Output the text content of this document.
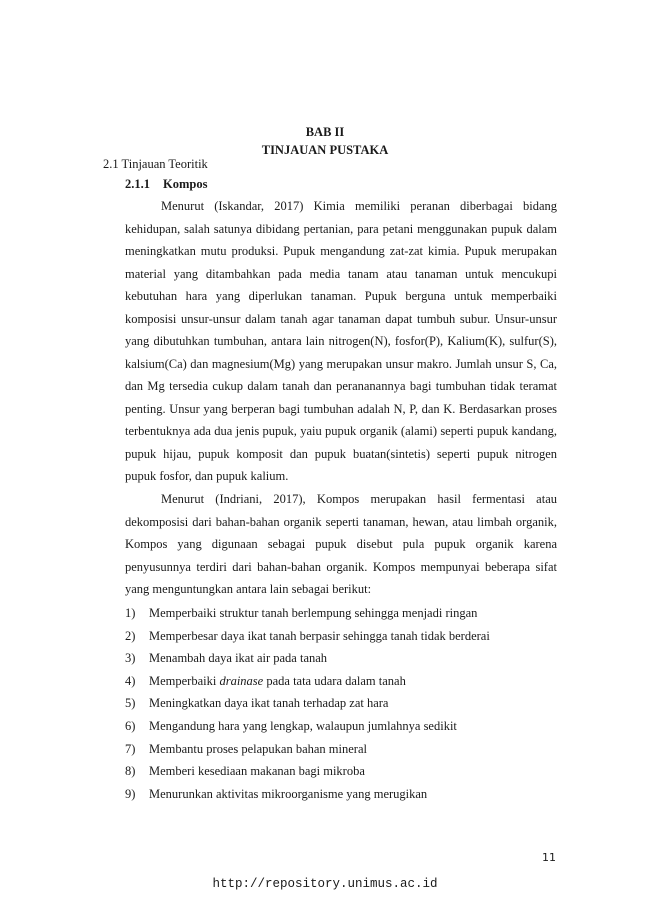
BAB II
TINJAUAN PUSTAKA
2.1 Tinjauan Teoritik
2.1.1 Kompos

Menurut (Iskandar, 2017) Kimia memiliki peranan diberbagai bidang kehidupan, salah satunya dibidang pertanian, para petani menggunakan pupuk dalam meningkatkan mutu produksi. Pupuk mengandung zat-zat kimia. Pupuk merupakan material yang ditambahkan pada media tanam atau tanaman untuk mencukupi kebutuhan hara yang diperlukan tanaman. Pupuk berguna untuk memperbaiki komposisi unsur-unsur dalam tanah agar tanaman dapat tumbuh subur. Unsur-unsur yang dibutuhkan tumbuhan, antara lain nitrogen(N), fosfor(P), Kalium(K), sulfur(S), kalsium(Ca) dan magnesium(Mg) yang merupakan unsur makro. Jumlah unsur S, Ca, dan Mg tersedia cukup dalam tanah dan perananannya bagi tumbuhan tidak teramat penting. Unsur yang berperan bagi tumbuhan adalah N, P, dan K. Berdasarkan proses terbentuknya ada dua jenis pupuk, yaiu pupuk organik (alami) seperti pupuk kandang, pupuk hijau, pupuk komposit dan pupuk buatan(sintetis) seperti pupuk nitrogen pupuk fosfor, dan pupuk kalium.

Menurut (Indriani, 2017), Kompos merupakan hasil fermentasi atau dekomposisi dari bahan-bahan organik seperti tanaman, hewan, atau limbah organik, Kompos yang digunaan sebagai pupuk disebut pula pupuk organik karena penyusunnya terdiri dari bahan-bahan organik. Kompos mempunyai beberapa sifat yang menguntungkan antara lain sebagai berikut:

1) Memperbaiki struktur tanah berlempung sehingga menjadi ringan
2) Memperbesar daya ikat tanah berpasir sehingga tanah tidak berderai
3) Menambah daya ikat air pada tanah
4) Memperbaiki drainase pada tata udara dalam tanah
5) Meningkatkan daya ikat tanah terhadap zat hara
6) Mengandung hara yang lengkap, walaupun jumlahnya sedikit
7) Membantu proses pelapukan bahan mineral
8) Memberi kesediaan makanan bagi mikroba
9) Menurunkan aktivitas mikroorganisme yang merugikan
11
http://repository.unimus.ac.id
